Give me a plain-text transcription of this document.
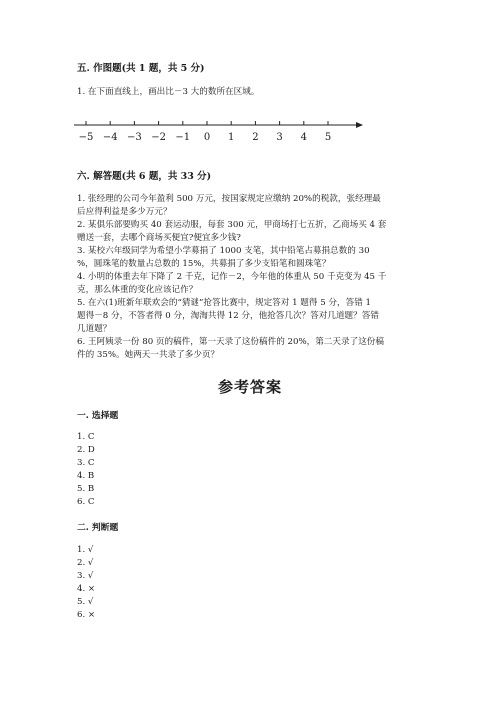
五. 作图题(共 1 题，共 5 分)
1. 在下面直线上，画出比－3 大的数所在区域。
−5 −4 −3 −2 −1 0 1 2 3 4 5
六. 解答题(共 6 题，共 33 分)
1. 张经理的公司今年盈利 500 万元，按国家规定应缴纳 20%的税款，张经理最
后应得利益是多少万元？
2. 某俱乐部要购买 40 套运动服，每套 300 元，甲商场打七五折，乙商场买 4 套
赠送一套，去哪个商场买便宜?便宜多少钱?
3. 某校六年级同学为希望小学募捐了 1000 支笔，其中铅笔占募捐总数的 30
%，圆珠笔的数量占总数的 15%，共募捐了多少支铅笔和圆珠笔？
4. 小明的体重去年下降了 2 千克，记作－2，今年他的体重从 50 千克变为 45 千
克，那么体重的变化应该记作？
5. 在六(1)班新年联欢会的“猜谜”抢答比赛中，规定答对 1 题得 5 分，答错 1
题得－8 分，不答者得 0 分，淘淘共得 12 分，他抢答几次？答对几道题？答错
几道题？
6. 王阿姨录一份 80 页的稿件，第一天录了这份稿件的 20%，第二天录了这份稿
件的 35%。她两天一共录了多少页？
参考答案
一. 选择题
1. C
2. D
3. C
4. B
5. B
6. C
二. 判断题
1. √
2. √
3. √
4. ×
5. √
6. ×
